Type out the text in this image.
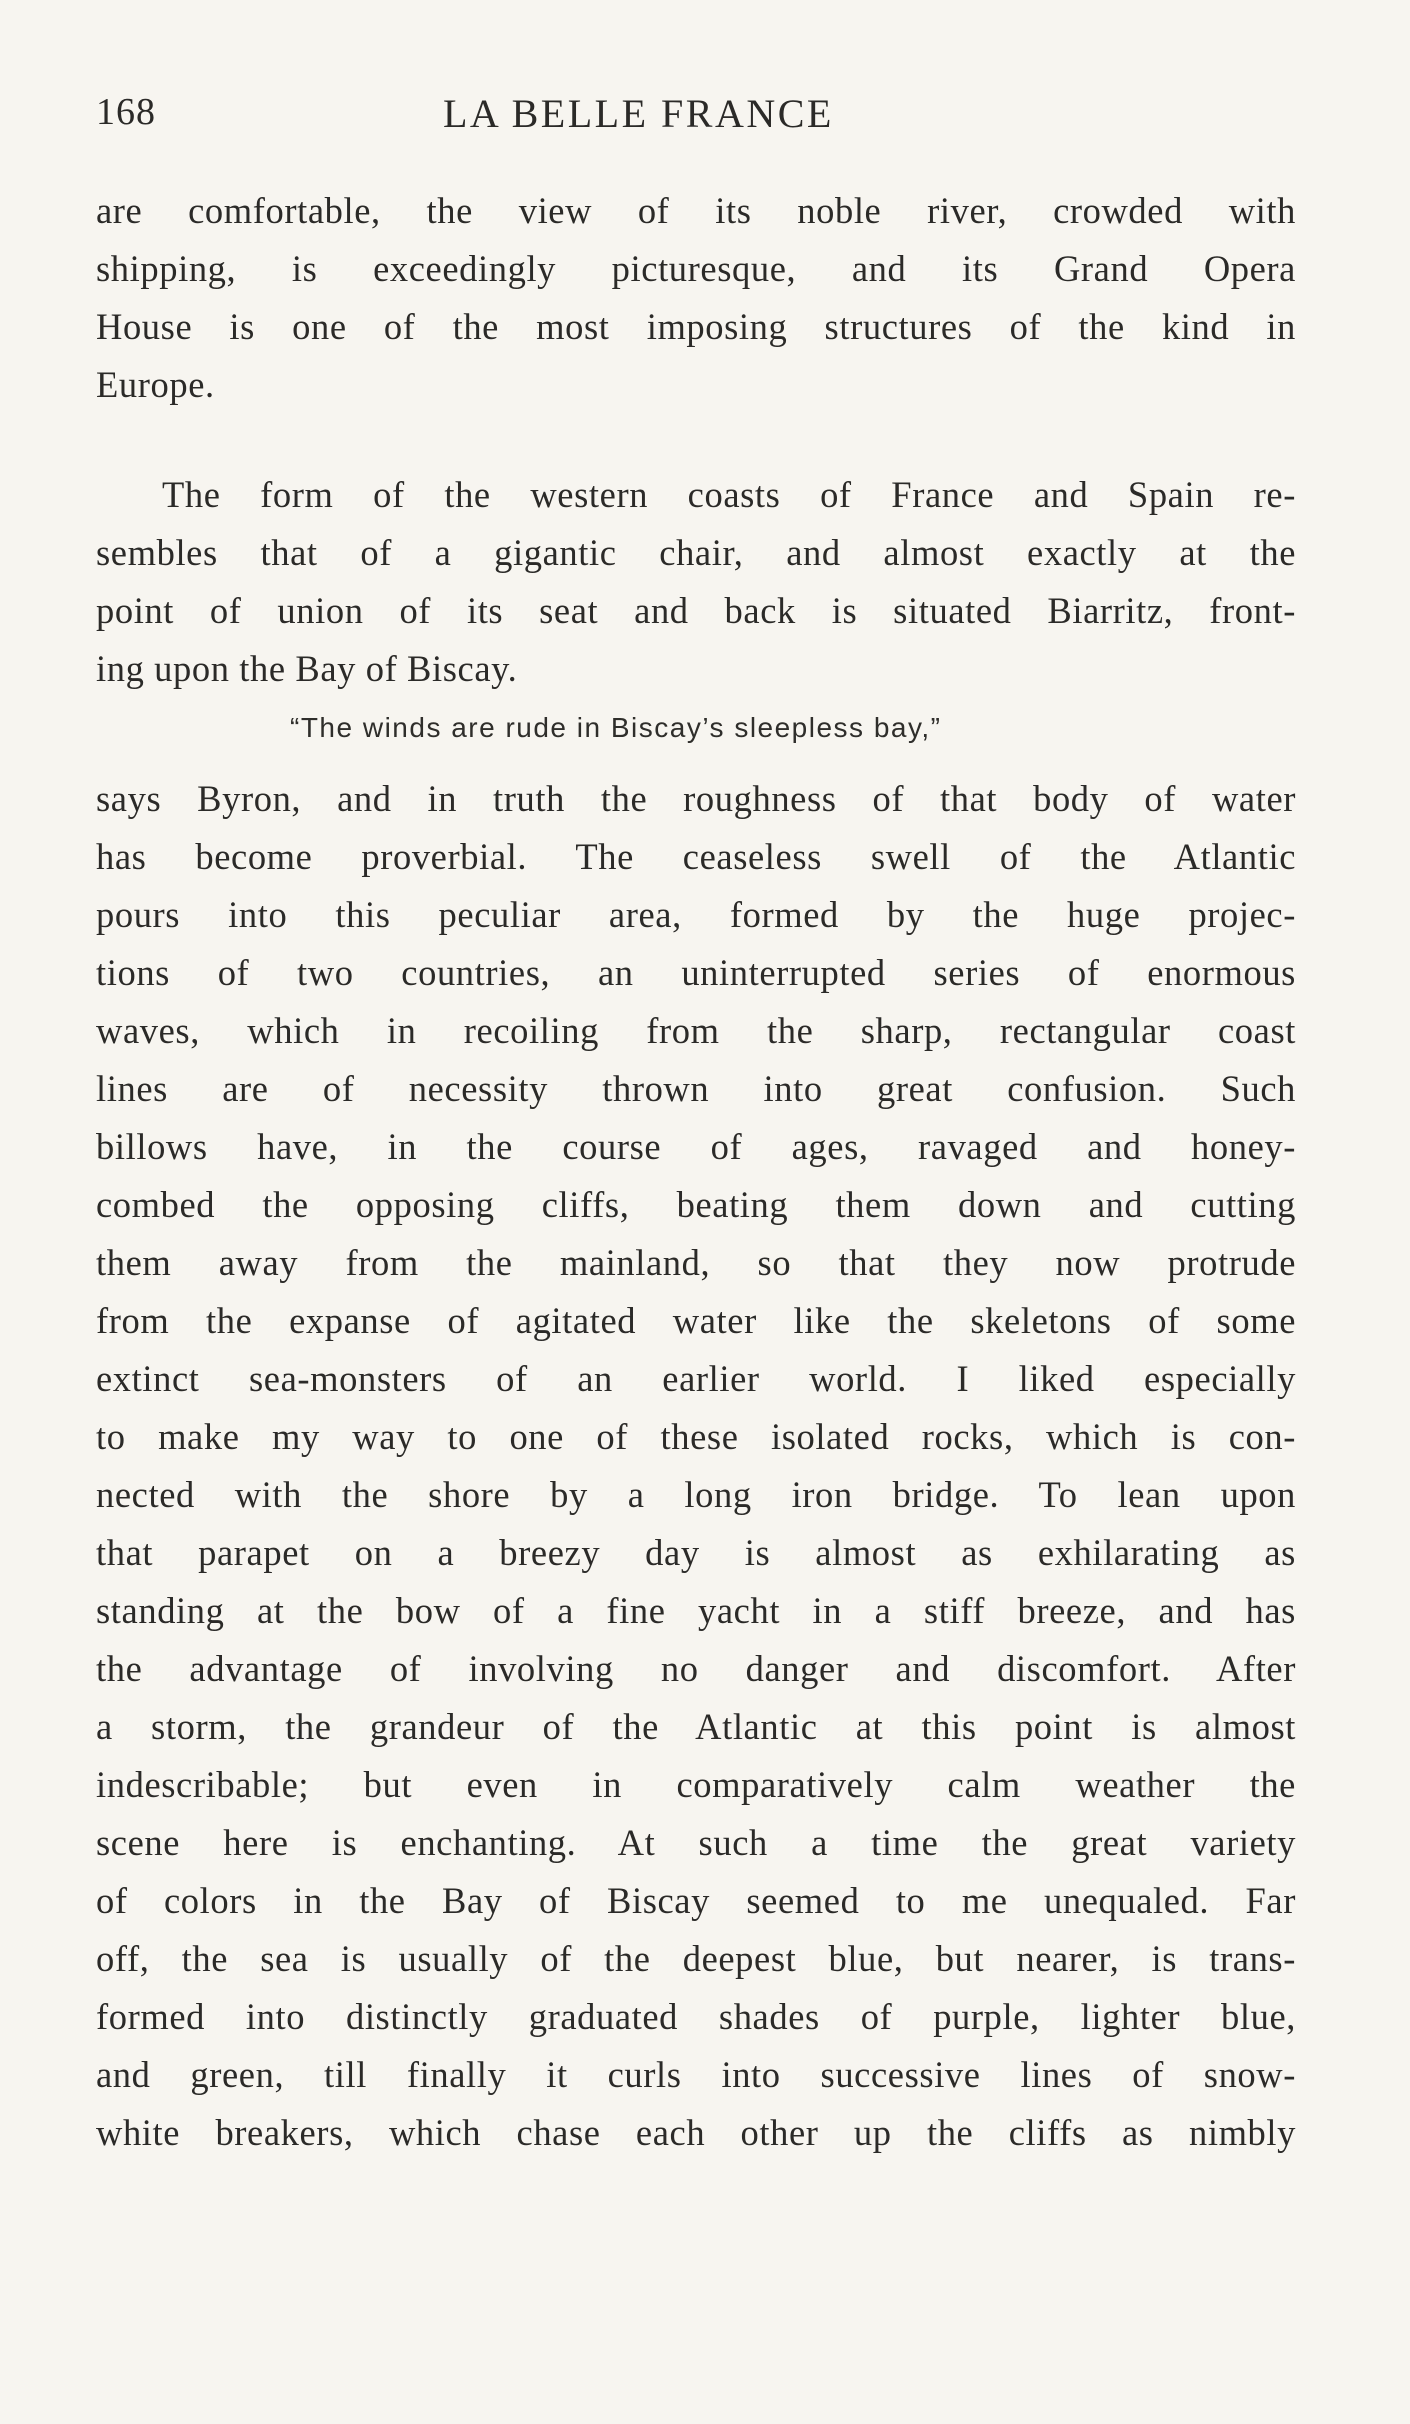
168	LA BELLE FRANCE
are comfortable, the view of its noble river, crowded with
shipping, is exceedingly picturesque, and its Grand Opera
House is one of the most imposing structures of the kind in
Europe.
The form of the western coasts of France and Spain re-
sembles that of a gigantic chair, and almost exactly at the
point of union of its seat and back is situated Biarritz, front-
ing upon the Bay of Biscay.
“The winds are rude in Biscay’s sleepless bay,”
says Byron, and in truth the roughness of that body of water
has become proverbial. The ceaseless swell of the Atlantic
pours into this peculiar area, formed by the huge projec-
tions of two countries, an uninterrupted series of enormous
waves, which in recoiling from the sharp, rectangular coast
lines are of necessity thrown into great confusion. Such
billows have, in the course of ages, ravaged and honey-
combed the opposing cliffs, beating them down and cutting
them away from the mainland, so that they now protrude
from the expanse of agitated water like the skeletons of some
extinct sea-monsters of an earlier world. I liked especially
to make my way to one of these isolated rocks, which is con-
nected with the shore by a long iron bridge. To lean upon
that parapet on a breezy day is almost as exhilarating as
standing at the bow of a fine yacht in a stiff breeze, and has
the advantage of involving no danger and discomfort. After
a storm, the grandeur of the Atlantic at this point is almost
indescribable; but even in comparatively calm weather the
scene here is enchanting. At such a time the great variety
of colors in the Bay of Biscay seemed to me unequaled. Far
off, the sea is usually of the deepest blue, but nearer, is trans-
formed into distinctly graduated shades of purple, lighter blue,
and green, till finally it curls into successive lines of snow-
white breakers, which chase each other up the cliffs as nimbly
